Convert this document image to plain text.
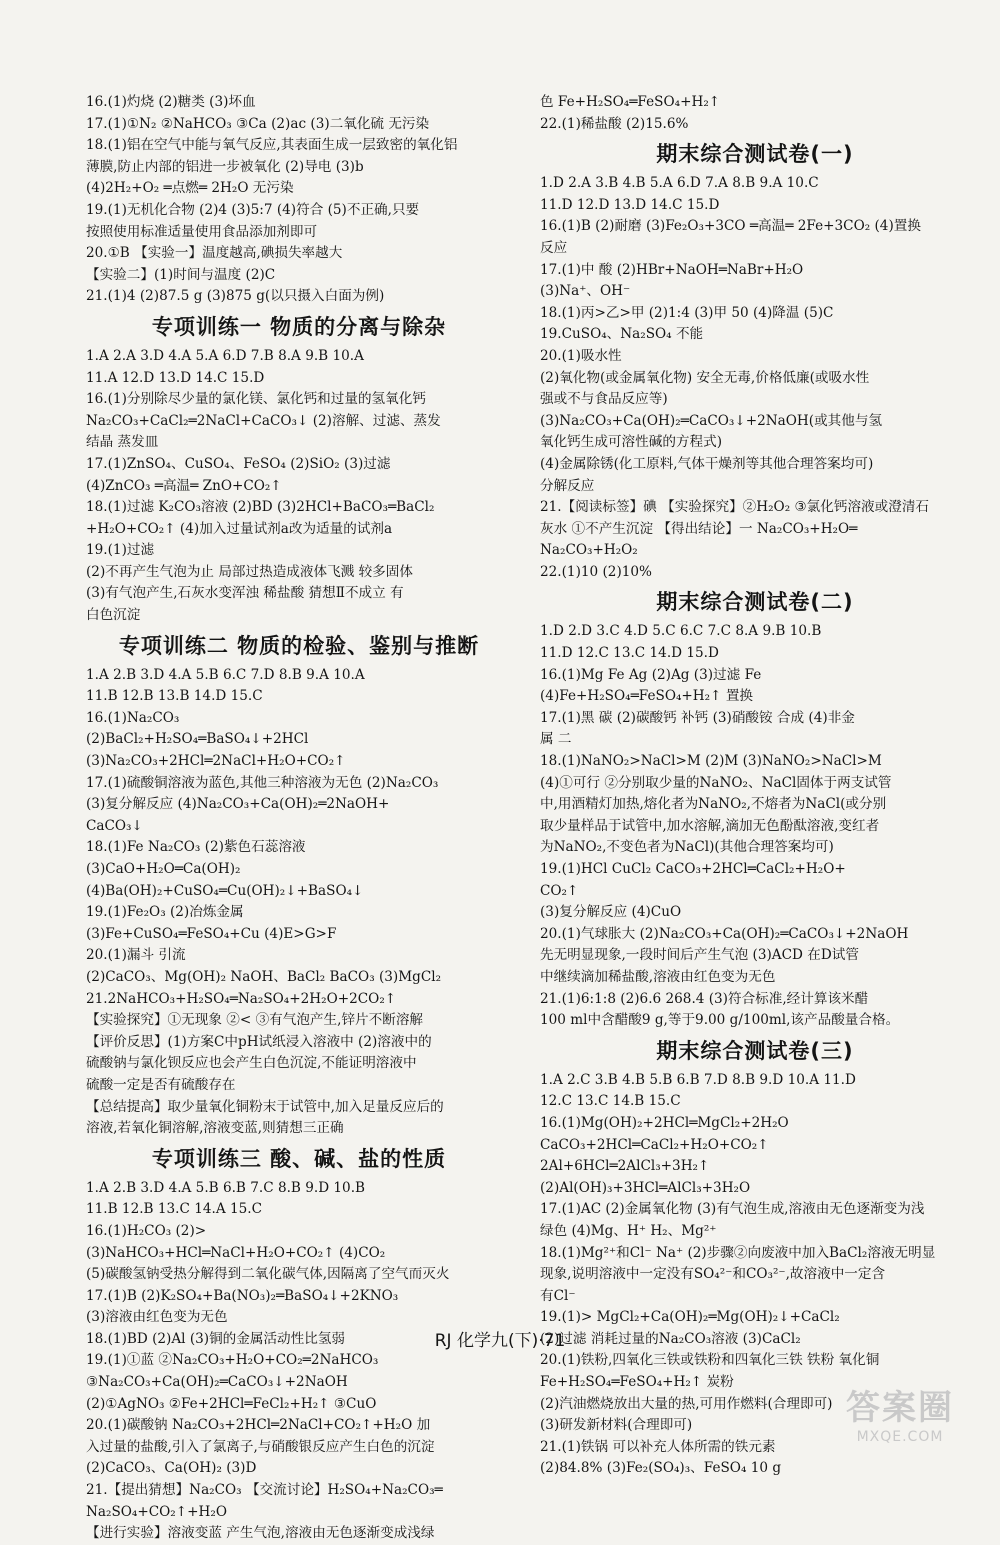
16.(1)灼烧 (2)糖类 (3)坏血
17.(1)①N₂ ②NaHCO₃ ③Ca (2)ac (3)二氧化硫 无污染
18.(1)铝在空气中能与氧气反应,其表面生成一层致密的氧化铝
薄膜,防止内部的铝进一步被氧化 (2)导电 (3)b
(4)2H₂+O₂ ═点燃═ 2H₂O 无污染
19.(1)无机化合物 (2)4 (3)5:7 (4)符合 (5)不正确,只要
按照使用标准适量使用食品添加剂即可
20.①B 【实验一】温度越高,碘损失率越大
【实验二】(1)时间与温度 (2)C
21.(1)4 (2)87.5 g (3)875 g(以只摄入白面为例)
专项训练一 物质的分离与除杂
1.A 2.A 3.D 4.A 5.A 6.D 7.B 8.A 9.B 10.A
11.A 12.D 13.D 14.C 15.D
16.(1)分别除尽少量的氯化镁、氯化钙和过量的氢氧化钙
Na₂CO₃+CaCl₂═2NaCl+CaCO₃↓ (2)溶解、过滤、蒸发
结晶 蒸发皿
17.(1)ZnSO₄、CuSO₄、FeSO₄ (2)SiO₂ (3)过滤
(4)ZnCO₃ ═高温═ ZnO+CO₂↑
18.(1)过滤 K₂CO₃溶液 (2)BD (3)2HCl+BaCO₃═BaCl₂
+H₂O+CO₂↑ (4)加入过量试剂a改为适量的试剂a
19.(1)过滤
(2)不再产生气泡为止 局部过热造成液体飞溅 较多固体
(3)有气泡产生,石灰水变浑浊 稀盐酸 猜想Ⅱ不成立 有
白色沉淀
专项训练二 物质的检验、鉴别与推断
1.A 2.B 3.D 4.A 5.B 6.C 7.D 8.B 9.A 10.A
11.B 12.B 13.B 14.D 15.C
16.(1)Na₂CO₃
(2)BaCl₂+H₂SO₄═BaSO₄↓+2HCl
(3)Na₂CO₃+2HCl═2NaCl+H₂O+CO₂↑
17.(1)硫酸铜溶液为蓝色,其他三种溶液为无色 (2)Na₂CO₃
(3)复分解反应 (4)Na₂CO₃+Ca(OH)₂═2NaOH+
CaCO₃↓
18.(1)Fe Na₂CO₃ (2)紫色石蕊溶液
(3)CaO+H₂O═Ca(OH)₂
(4)Ba(OH)₂+CuSO₄═Cu(OH)₂↓+BaSO₄↓
19.(1)Fe₂O₃ (2)冶炼金属
(3)Fe+CuSO₄═FeSO₄+Cu (4)E>G>F
20.(1)漏斗 引流
(2)CaCO₃、Mg(OH)₂ NaOH、BaCl₂ BaCO₃ (3)MgCl₂
21.2NaHCO₃+H₂SO₄═Na₂SO₄+2H₂O+2CO₂↑
【实验探究】①无现象 ②< ③有气泡产生,锌片不断溶解
【评价反思】(1)方案C中pH试纸浸入溶液中 (2)溶液中的
硫酸钠与氯化钡反应也会产生白色沉淀,不能证明溶液中
硫酸一定是否有硫酸存在
【总结提高】取少量氧化铜粉末于试管中,加入足量反应后的
溶液,若氧化铜溶解,溶液变蓝,则猜想三正确
专项训练三 酸、碱、盐的性质
1.A 2.B 3.D 4.A 5.B 6.B 7.C 8.B 9.D 10.B
11.B 12.B 13.C 14.A 15.C
16.(1)H₂CO₃ (2)>
(3)NaHCO₃+HCl═NaCl+H₂O+CO₂↑ (4)CO₂
(5)碳酸氢钠受热分解得到二氧化碳气体,因隔离了空气而灭火
17.(1)B (2)K₂SO₄+Ba(NO₃)₂═BaSO₄↓+2KNO₃
(3)溶液由红色变为无色
18.(1)BD (2)Al (3)铜的金属活动性比氢弱
19.(1)①蓝 ②Na₂CO₃+H₂O+CO₂═2NaHCO₃
③Na₂CO₃+Ca(OH)₂═CaCO₃↓+2NaOH
(2)①AgNO₃ ②Fe+2HCl═FeCl₂+H₂↑ ③CuO
20.(1)碳酸钠 Na₂CO₃+2HCl═2NaCl+CO₂↑+H₂O 加
入过量的盐酸,引入了氯离子,与硝酸银反应产生白色的沉淀
(2)CaCO₃、Ca(OH)₂ (3)D
21.【提出猜想】Na₂CO₃ 【交流讨论】H₂SO₄+Na₂CO₃═
Na₂SO₄+CO₂↑+H₂O
【进行实验】溶液变蓝 产生气泡,溶液由无色逐渐变成浅绿
色 Fe+H₂SO₄═FeSO₄+H₂↑
22.(1)稀盐酸 (2)15.6%
期末综合测试卷(一)
1.D 2.A 3.B 4.B 5.A 6.D 7.A 8.B 9.A 10.C
11.D 12.D 13.D 14.C 15.D
16.(1)B (2)耐磨 (3)Fe₂O₃+3CO ═高温═ 2Fe+3CO₂ (4)置换
反应
17.(1)中 酸 (2)HBr+NaOH═NaBr+H₂O
(3)Na⁺、OH⁻
18.(1)丙>乙>甲 (2)1:4 (3)甲 50 (4)降温 (5)C
19.CuSO₄、Na₂SO₄ 不能
20.(1)吸水性
(2)氧化物(或金属氧化物) 安全无毒,价格低廉(或吸水性
强或不与食品反应等)
(3)Na₂CO₃+Ca(OH)₂═CaCO₃↓+2NaOH(或其他与氢
氧化钙生成可溶性碱的方程式)
(4)金属除锈(化工原料,气体干燥剂等其他合理答案均可)
分解反应
21.【阅读标签】碘 【实验探究】②H₂O₂ ③氯化钙溶液或澄清石
灰水 ①不产生沉淀 【得出结论】一 Na₂CO₃+H₂O═
Na₂CO₃+H₂O₂
22.(1)10 (2)10%
期末综合测试卷(二)
1.D 2.D 3.C 4.D 5.C 6.C 7.C 8.A 9.B 10.B
11.D 12.C 13.C 14.D 15.D
16.(1)Mg Fe Ag (2)Ag (3)过滤 Fe
(4)Fe+H₂SO₄═FeSO₄+H₂↑ 置换
17.(1)黑 碳 (2)碳酸钙 补钙 (3)硝酸铵 合成 (4)非金
属 二
18.(1)NaNO₂>NaCl>M (2)M (3)NaNO₂>NaCl>M
(4)①可行 ②分别取少量的NaNO₂、NaCl固体于两支试管
中,用酒精灯加热,熔化者为NaNO₂,不熔者为NaCl(或分别
取少量样品于试管中,加水溶解,滴加无色酚酞溶液,变红者
为NaNO₂,不变色者为NaCl)(其他合理答案均可)
19.(1)HCl CuCl₂ CaCO₃+2HCl═CaCl₂+H₂O+
CO₂↑
(3)复分解反应 (4)CuO
20.(1)气球胀大 (2)Na₂CO₃+Ca(OH)₂═CaCO₃↓+2NaOH
先无明显现象,一段时间后产生气泡 (3)ACD 在D试管
中继续滴加稀盐酸,溶液由红色变为无色
21.(1)6:1:8 (2)6.6 268.4 (3)符合标准,经计算该米醋
100 ml中含醋酸9 g,等于9.00 g/100ml,该产品酸量合格。
期末综合测试卷(三)
1.A 2.C 3.B 4.B 5.B 6.B 7.D 8.B 9.D 10.A 11.D
12.C 13.C 14.B 15.C
16.(1)Mg(OH)₂+2HCl═MgCl₂+2H₂O
CaCO₃+2HCl═CaCl₂+H₂O+CO₂↑
2Al+6HCl═2AlCl₃+3H₂↑
(2)Al(OH)₃+3HCl═AlCl₃+3H₂O
17.(1)AC (2)金属氧化物 (3)有气泡生成,溶液由无色逐渐变为浅
绿色 (4)Mg、H⁺ H₂、Mg²⁺
18.(1)Mg²⁺和Cl⁻ Na⁺ (2)步骤②向废液中加入BaCl₂溶液无明显
现象,说明溶液中一定没有SO₄²⁻和CO₃²⁻,故溶液中一定含
有Cl⁻
19.(1)> MgCl₂+Ca(OH)₂═Mg(OH)₂↓+CaCl₂
(2)过滤 消耗过量的Na₂CO₃溶液 (3)CaCl₂
20.(1)铁粉,四氧化三铁或铁粉和四氧化三铁 铁粉 氧化铜
Fe+H₂SO₄═FeSO₄+H₂↑ 炭粉
(2)汽油燃烧放出大量的热,可用作燃料(合理即可)
(3)研发新材料(合理即可)
21.(1)铁锅 可以补充人体所需的铁元素
(2)84.8% (3)Fe₂(SO₄)₃、FeSO₄ 10 g
RJ 化学九(下)·71
答案圈
MXQE.COM
